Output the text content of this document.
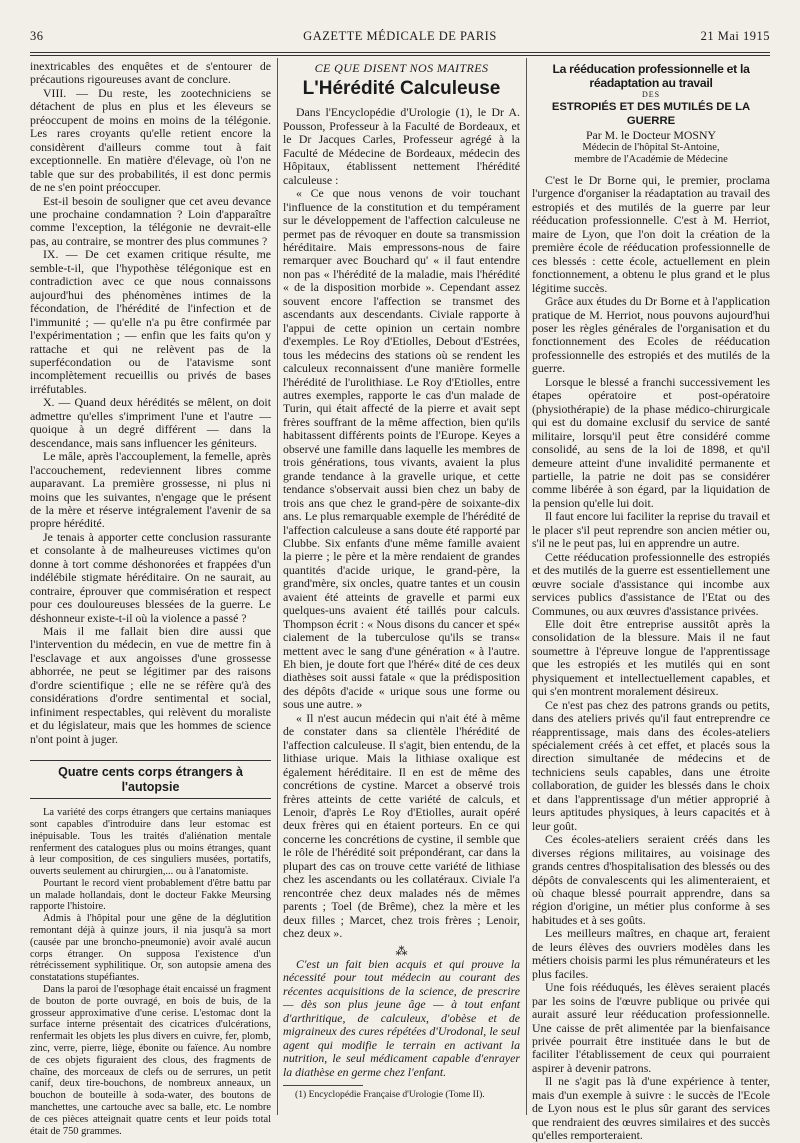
36	GAZETTE MÉDICALE DE PARIS	21 Mai 1915

inextricables des enquêtes et de s'entourer de précautions rigoureuses avant de conclure.

VIII. — Du reste, les zootechniciens se détachent de plus en plus et les éleveurs se préoccupent de moins en moins de la télégonie. Les rares croyants qu'elle retient encore la considèrent d'ailleurs comme tout à fait exceptionnelle. En matière d'élevage, où l'on ne table que sur des probabilités, il est donc permis de ne s'en point préoccuper.

Est-il besoin de souligner que cet aveu devance une prochaine condamnation ? Loin d'apparaître comme l'exception, la télégonie ne devrait-elle pas, au contraire, se montrer des plus communes ?

IX. — De cet examen critique résulte, me semble-t-il, que l'hypothèse télégonique est en contradiction avec ce que nous connaissons aujourd'hui des phénomènes intimes de la fécondation, de l'hérédité de l'infection et de l'immunité ; — qu'elle n'a pu être confirmée par l'expérimentation ; — enfin que les faits qu'on y rattache et qui ne relèvent pas de la superfécondation ou de l'atavisme sont incomplètement recueillis ou privés de bases irréfutables.

X. — Quand deux hérédités se mêlent, on doit admettre qu'elles s'impriment l'une et l'autre — quoique à un degré différent — dans la descendance, mais sans influencer les géniteurs.

Le mâle, après l'accouplement, la femelle, après l'accouchement, redeviennent libres comme auparavant. La première grossesse, ni plus ni moins que les suivantes, n'engage que le présent de la mère et réserve intégralement l'avenir de sa propre hérédité.

Je tenais à apporter cette conclusion rassurante et consolante à de malheureuses victimes qu'on donne à tort comme déshonorées et frappées d'un indélébile stigmate héréditaire. On ne saurait, au contraire, éprouver que commisération et respect pour ces douloureuses blessées de la guerre. Le déshonneur existe-t-il où la violence a passé ?

Mais il me fallait bien dire aussi que l'intervention du médecin, en vue de mettre fin à l'esclavage et aux angoisses d'une grossesse abhorrée, ne peut se légitimer par des raisons d'ordre scientifique ; elle ne se réfère qu'à des considérations d'ordre sentimental et social, infiniment respectables, qui relèvent du moraliste et du législateur, mais que les hommes de science n'ont point à juger.

Quatre cents corps étrangers à l'autopsie

La variété des corps étrangers que certains maniaques sont capables d'introduire dans leur estomac est inépuisable. Tous les traités d'aliénation mentale renferment des catalogues plus ou moins étranges, quant à leur composition, de ces singuliers musées, portatifs, ouverts seulement au chirurgien,... ou à l'anatomiste.

Pourtant le record vient probablement d'être battu par un malade hollandais, dont le docteur Fakke Meursing rapporte l'histoire.

Admis à l'hôpital pour une gêne de la déglutition remontant déjà à quinze jours, il nia jusqu'à sa mort (causée par une broncho-pneumonie) avoir avalé aucun corps étranger. On supposa l'existence d'un rétrécissement syphilitique. Or, son autopsie amena des constatations stupéfiantes.

Dans la paroi de l'œsophage était encaissé un fragment de bouton de porte ouvragé, en bois de buis, de la grosseur approximative d'une cerise. L'estomac dont la surface interne présentait des cicatrices d'ulcérations, renfermait les objets les plus divers en cuivre, fer, plomb, zinc, verre, pierre, liège, ébonite ou faïence. Au nombre de ces objets figuraient des clous, des fragments de chaîne, des morceaux de clefs ou de serrures, un petit canif, deux tire-bouchons, de nombreux anneaux, un bouchon de bouteille à soda-water, des boutons de manchettes, une cartouche avec sa balle, etc. Le nombre de ces pièces atteignait quatre cents et leur poids total était de 750 grammes.

CE QUE DISENT NOS MAITRES
L'Hérédité Calculeuse

Dans l'Encyclopédie d'Urologie (1), le Dr A. Pousson, Professeur à la Faculté de Bordeaux, et le Dr Jacques Carles, Professeur agrégé à la Faculté de Médecine de Bordeaux, médecin des Hôpitaux, établissent nettement l'hérédité calculeuse :

« Ce que nous venons de voir touchant l'influence de la constitution et du tempérament sur le développement de l'affection calculeuse ne permet pas de révoquer en doute sa transmission héréditaire. Mais empressons-nous de faire remarquer avec Bouchard qu' « il faut entendre non pas « l'hérédité de la maladie, mais l'hérédité « de la disposition morbide ». Cependant assez souvent encore l'affection se transmet des ascendants aux descendants. Civiale rapporte à l'appui de cette opinion un certain nombre d'exemples. Le Roy d'Etiolles, Debout d'Estrées, tous les médecins des stations où se rendent les calculeux reconnaissent d'une manière formelle l'hérédité de l'urolithiase. Le Roy d'Etiolles, entre autres exemples, rapporte le cas d'un malade de Turin, qui était affecté de la pierre et avait sept frères souffrant de la même affection, bien qu'ils habitassent différents points de l'Europe. Keyes a observé une famille dans laquelle les membres de trois générations, tous vivants, avaient la plus grande tendance à la gravelle urique, et cette tendance s'observait aussi bien chez un baby de trois ans que chez le grand-père de soixante-dix ans. Le plus remarquable exemple de l'hérédité de l'affection calculeuse a sans doute été rapporté par Clubbe. Six enfants d'une même famille avaient la pierre ; le père et la mère rendaient de grandes quantités d'acide urique, le grand-père, la grand'mère, six oncles, quatre tantes et un cousin avaient été atteints de gravelle et parmi eux quelques-uns avaient été taillés pour calculs. Thompson écrit : « Nous disons du cancer et spé« cialement de la tuberculose qu'ils se trans« mettent avec le sang d'une génération « à l'autre. Eh bien, je doute fort que l'héré« dité de ces deux diathèses soit aussi fatale « que la prédisposition des dépôts d'acide « urique sous une forme ou sous une autre. »

« Il n'est aucun médecin qui n'ait été à même de constater dans sa clientèle l'hérédité de l'affection calculeuse. Il s'agit, bien entendu, de la lithiase urique. Mais la lithiase oxalique est également héréditaire. Il en est de même des concrétions de cystine. Marcet a observé trois frères atteints de cette variété de calculs, et Lenoir, d'après Le Roy d'Etiolles, aurait opéré deux frères qui en étaient porteurs. En ce qui concerne les concrétions de cystine, il semble que le rôle de l'hérédité soit prépondérant, car dans la plupart des cas on trouve cette variété de lithiase chez les ascendants ou les collatéraux. Civiale l'a rencontrée chez deux malades nés de mêmes parents ; Toel (de Brême), chez la mère et les deux filles ; Marcet, chez trois frères ; Lenoir, chez deux ».

⁂

C'est un fait bien acquis et qui prouve la nécessité pour tout médecin au courant des récentes acquisitions de la science, de prescrire — dès son plus jeune âge — à tout enfant d'arthritique, de calculeux, d'obèse et de migraineux des cures répétées d'Urodonal, le seul agent qui modifie le terrain en activant la nutrition, le seul médicament capable d'enrayer la diathèse en germe chez l'enfant.

(1) Encyclopédie Française d'Urologie (Tome II).

La rééducation professionnelle et la réadaptation au travail
DES
ESTROPIÉS ET DES MUTILÉS DE LA GUERRE
Par M. le Docteur MOSNY
Médecin de l'hôpital St-Antoine,
membre de l'Académie de Médecine

C'est le Dr Borne qui, le premier, proclama l'urgence d'organiser la réadaptation au travail des estropiés et des mutilés de la guerre par leur rééducation professionnelle. C'est à M. Herriot, maire de Lyon, que l'on doit la création de la première école de rééducation professionnelle de ces blessés : cette école, actuellement en plein fonctionnement, a obtenu le plus grand et le plus légitime succès.

Grâce aux études du Dr Borne et à l'application pratique de M. Herriot, nous pouvons aujourd'hui poser les règles générales de l'organisation et du fonctionnement des Ecoles de rééducation professionnelle des estropiés et des mutilés de la guerre.

Lorsque le blessé a franchi successivement les étapes opératoire et post-opératoire (physiothérapie) de la phase médico-chirurgicale qui est du domaine exclusif du service de santé militaire, lorsqu'il peut être considéré comme consolidé, au sens de la loi de 1898, et qu'il demeure atteint d'une invalidité permanente et partielle, la patrie ne doit pas se considérer comme libérée à son égard, par la liquidation de la pension qu'elle lui doit.

Il faut encore lui faciliter la reprise du travail et le placer s'il peut reprendre son ancien métier ou, s'il ne le peut pas, lui en apprendre un autre.

Cette rééducation professionnelle des estropiés et des mutilés de la guerre est essentiellement une œuvre sociale d'assistance qui incombe aux services publics d'assistance de l'Etat ou des Communes, ou aux œuvres d'assistance privées.

Elle doit être entreprise aussitôt après la consolidation de la blessure. Mais il ne faut soumettre à l'épreuve longue de l'apprentissage que les estropiés et les mutilés qui en sont physiquement et intellectuellement capables, et qui s'en montrent moralement désireux.

Ce n'est pas chez des patrons grands ou petits, dans des ateliers privés qu'il faut entreprendre ce réapprentissage, mais dans des écoles-ateliers spécialement créés à cet effet, et placés sous la direction simultanée de médecins et de techniciens seuls capables, dans une étroite collaboration, de guider les blessés dans le choix et dans l'apprentissage d'un métier approprié à leurs aptitudes physiques, à leurs capacités et à leur goût.

Ces écoles-ateliers seraient créés dans les diverses régions militaires, au voisinage des grands centres d'hospitalisation des blessés ou des dépôts de convalescents qui les alimenteraient, et où chaque blessé pourrait apprendre, dans sa région d'origine, un métier plus conforme à ses habitudes et à ses goûts.

Les meilleurs maîtres, en chaque art, feraient de leurs élèves des ouvriers modèles dans les métiers choisis parmi les plus rémunérateurs et les plus faciles.

Une fois rééduqués, les élèves seraient placés par les soins de l'œuvre publique ou privée qui aurait assuré leur rééducation professionnelle. Une caisse de prêt alimentée par la bienfaisance privée pourrait être instituée dans le but de faciliter l'établissement de ceux qui pourraient aspirer à devenir patrons.

Il ne s'agit pas là d'une expérience à tenter, mais d'un exemple à suivre : le succès de l'Ecole de Lyon nous est le plus sûr garant des services que rendraient des œuvres similaires et des succès qu'elles remporteraient.
